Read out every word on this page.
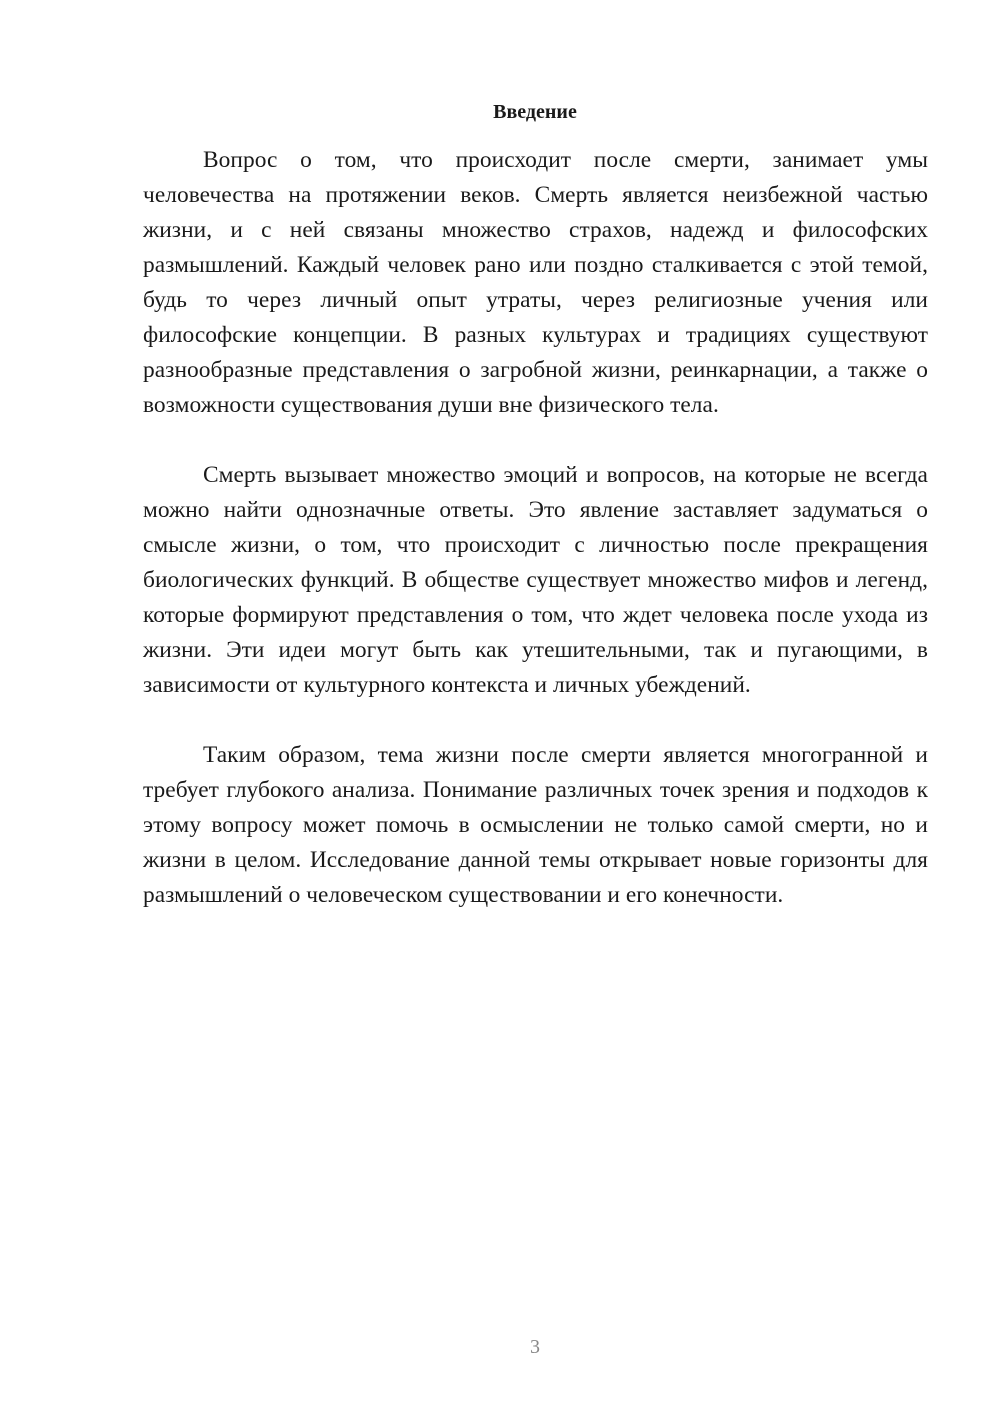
Введение

Вопрос о том, что происходит после смерти, занимает умы человечества на протяжении веков. Смерть является неизбежной частью жизни, и с ней связаны множество страхов, надежд и философских размышлений. Каждый человек рано или поздно сталкивается с этой темой, будь то через личный опыт утраты, через религиозные учения или философские концепции. В разных культурах и традициях существуют разнообразные представления о загробной жизни, реинкарнации, а также о возможности существования души вне физического тела.

Смерть вызывает множество эмоций и вопросов, на которые не всегда можно найти однозначные ответы. Это явление заставляет задуматься о смысле жизни, о том, что происходит с личностью после прекращения биологических функций. В обществе существует множество мифов и легенд, которые формируют представления о том, что ждет человека после ухода из жизни. Эти идеи могут быть как утешительными, так и пугающими, в зависимости от культурного контекста и личных убеждений.

Таким образом, тема жизни после смерти является многогранной и требует глубокого анализа. Понимание различных точек зрения и подходов к этому вопросу может помочь в осмыслении не только самой смерти, но и жизни в целом. Исследование данной темы открывает новые горизонты для размышлений о человеческом существовании и его конечности.

3
